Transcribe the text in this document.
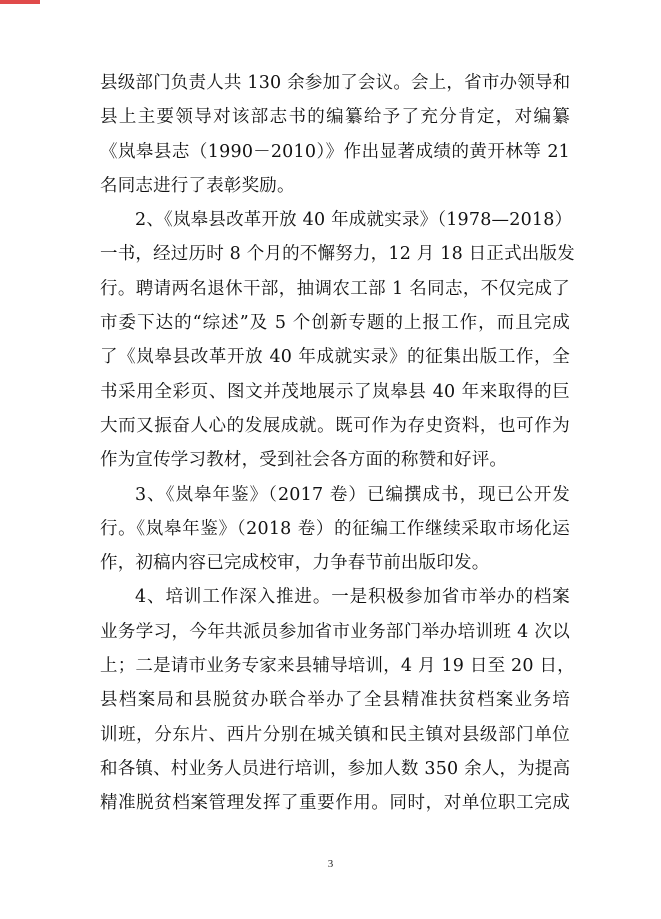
县级部门负责人共 130 余参加了会议。会上，省市办领导和
县上主要领导对该部志书的编纂给予了充分肯定，对编纂
《岚皋县志（1990－2010）》作出显著成绩的黄开林等 21
名同志进行了表彰奖励。
2、《岚皋县改革开放 40 年成就实录》（1978—2018）
一书，经过历时 8 个月的不懈努力，12 月 18 日正式出版发
行。聘请两名退休干部，抽调农工部 1 名同志，不仅完成了
市委下达的“综述”及 5 个创新专题的上报工作，而且完成
了《岚皋县改革开放 40 年成就实录》的征集出版工作，全
书采用全彩页、图文并茂地展示了岚皋县 40 年来取得的巨
大而又振奋人心的发展成就。既可作为存史资料，也可作为
作为宣传学习教材，受到社会各方面的称赞和好评。
3、《岚皋年鉴》（2017 卷）已编撰成书，现已公开发
行。《岚皋年鉴》（2018 卷）的征编工作继续采取市场化运
作，初稿内容已完成校审，力争春节前出版印发。
4、培训工作深入推进。一是积极参加省市举办的档案
业务学习，今年共派员参加省市业务部门举办培训班 4 次以
上；二是请市业务专家来县辅导培训，4 月 19 日至 20 日，
县档案局和县脱贫办联合举办了全县精准扶贫档案业务培
训班，分东片、西片分别在城关镇和民主镇对县级部门单位
和各镇、村业务人员进行培训，参加人数 350 余人，为提高
精准脱贫档案管理发挥了重要作用。同时，对单位职工完成
3
